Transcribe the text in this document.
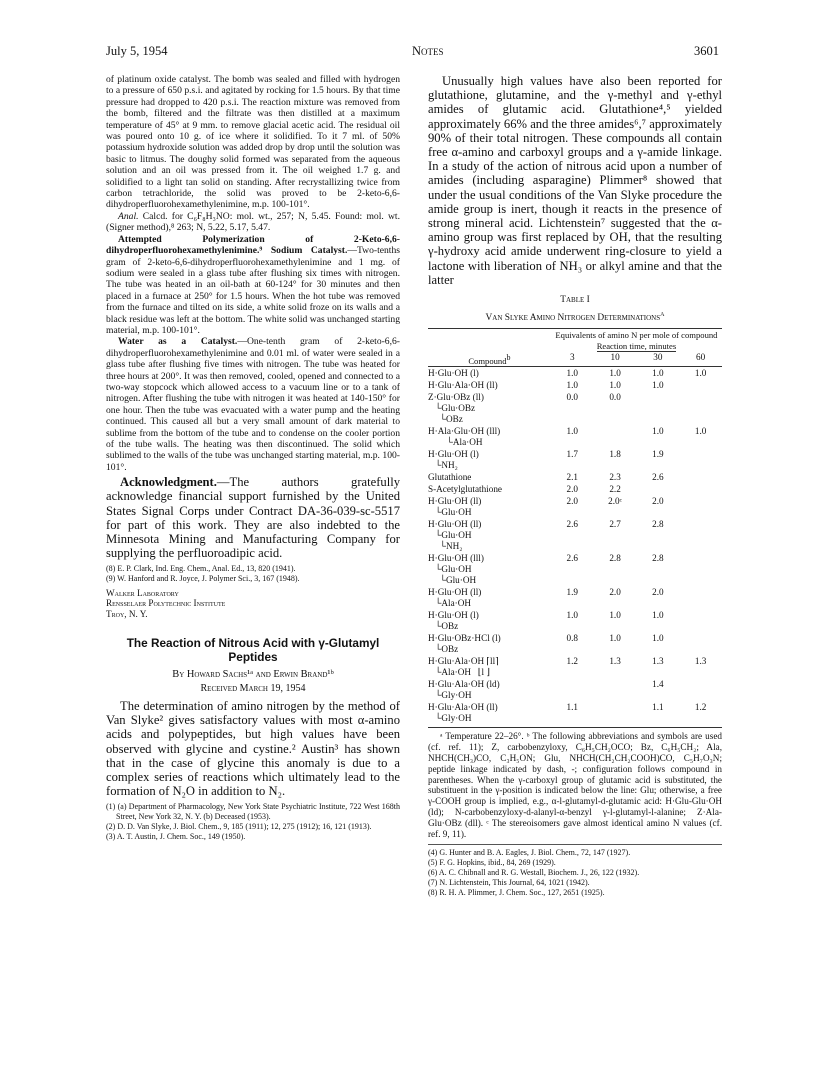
July 5, 1954	Notes	3601

of platinum oxide catalyst. The bomb was sealed and filled with hydrogen to a pressure of 650 p.s.i. and agitated by rocking for 1.5 hours. By that time pressure had dropped to 420 p.s.i. The reaction mixture was removed from the bomb, filtered and the filtrate was then distilled at a maximum temperature of 45° at 9 mm. to remove glacial acetic acid. The residual oil was poured onto 10 g. of ice where it solidified. To it 7 ml. of 50% potassium hydroxide solution was added drop by drop until the solution was basic to litmus. The doughy solid formed was separated from the aqueous solution and an oil was pressed from it. The oil weighed 1.7 g. and solidified to a light tan solid on standing. After recrystallizing twice from carbon tetrachloride, the solid was proved to be 2-keto-6,6-dihydroperfluorohexamethylenimine, m.p. 100-101°.

Anal. Calcd. for C₆F₈H₃NO: mol. wt., 257; N, 5.45. Found: mol. wt. (Signer method),⁸ 263; N, 5.22, 5.17, 5.47.

Attempted Polymerization of 2-Keto-6,6-dihydroperfluorohexamethylenimine.⁹ Sodium Catalyst.—Two-tenths gram of 2-keto-6,6-dihydroperfluorohexamethylenimine and 1 mg. of sodium were sealed in a glass tube after flushing six times with nitrogen. The tube was heated in an oil-bath at 60-124° for 30 minutes and then placed in a furnace at 250° for 1.5 hours. When the hot tube was removed from the furnace and tilted on its side, a white solid froze on its walls and a black residue was left at the bottom. The white solid was unchanged starting material, m.p. 100-101°.

Water as a Catalyst.—One-tenth gram of 2-keto-6,6-dihydroperfluorohexamethylenimine and 0.01 ml. of water were sealed in a glass tube after flushing five times with nitrogen. The tube was heated for three hours at 200°. It was then removed, cooled, opened and connected to a two-way stopcock which allowed access to a vacuum line or to a tank of nitrogen. After flushing the tube with nitrogen it was heated at 140-150° for one hour. Then the tube was evacuated with a water pump and the heating continued. This caused all but a very small amount of dark material to sublime from the bottom of the tube and to condense on the cooler portion of the tube walls. The heating was then discontinued. The solid which sublimed to the walls of the tube was unchanged starting material, m.p. 100-101°.

Acknowledgment.—The authors gratefully acknowledge financial support furnished by the United States Signal Corps under Contract DA-36-039-sc-5517 for part of this work. They are also indebted to the Minnesota Mining and Manufacturing Company for supplying the perfluoroadipic acid.

(8) E. P. Clark, Ind. Eng. Chem., Anal. Ed., 13, 820 (1941).

(9) W. Hanford and R. Joyce, J. Polymer Sci., 3, 167 (1948).

Walker Laboratory
Rensselaer Polytechnic Institute
Troy, N. Y.
The Reaction of Nitrous Acid with γ-Glutamyl Peptides
By Howard Sachs¹ᵃ and Erwin Brand¹ᵇ
Received March 19, 1954

The determination of amino nitrogen by the method of Van Slyke² gives satisfactory values with most α-amino acids and polypeptides, but high values have been observed with glycine and cystine.² Austin³ has shown that in the case of glycine this anomaly is due to a complex series of reactions which ultimately lead to the formation of N₂O in addition to N₂.

(1) (a) Department of Pharmacology, New York State Psychiatric Institute, 722 West 168th Street, New York 32, N. Y. (b) Deceased (1953).

(2) D. D. Van Slyke, J. Biol. Chem., 9, 185 (1911); 12, 275 (1912); 16, 121 (1913).

(3) A. T. Austin, J. Chem. Soc., 149 (1950).

Unusually high values have also been reported for glutathione, glutamine, and the γ-methyl and γ-ethyl amides of glutamic acid. Glutathione⁴,⁵ yielded approximately 66% and the three amides⁶,⁷ approximately 90% of their total nitrogen. These compounds all contain free α-amino and carboxyl groups and a γ-amide linkage. In a study of the action of nitrous acid upon a number of amides (including asparagine) Plimmer⁸ showed that under the usual conditions of the Van Slyke procedure the amide group is inert, though it reacts in the presence of strong mineral acid. Lichtenstein⁷ suggested that the α-amino group was first replaced by OH, that the resulting γ-hydroxy acid amide underwent ring-closure to yield a lactone with liberation of NH₃ or alkyl amine and that the latter

Table I
Van Slyke Amino Nitrogen Determinations$^a$
	Equivalents of amino N per mole of compound			
	Reaction time, minutes			
Compound$^b$	3	10	30	60
H·Glu·OH (l)	1.0	1.0	1.0	1.0
H·Glu·Ala·OH (ll)	1.0	1.0	1.0	
Z·Glu·OBz (ll)
└Glu·OBz
└OBz	0.0	0.0		
H·Ala·Glu·OH (lll)
└Ala·OH	1.0		1.0	1.0
H·Glu·OH (l)
└NH₂	1.7	1.8	1.9	
Glutathione	2.1	2.3	2.6	
S-Acetylglutathione	2.0	2.2		
H·Glu·OH (ll)
└Glu·OH	2.0	2.0ᶜ	2.0	
H·Glu·OH (ll)
└Glu·OH
└NH₂	2.6	2.7	2.8	
H·Glu·OH (lll)
└Glu·OH
└Glu·OH	2.6	2.8	2.8	
H·Glu·OH (ll)
└Ala·OH	1.9	2.0	2.0	
H·Glu·OH (l)
└OBz	1.0	1.0	1.0	
H·Glu·OBz·HCl (l)
└OBz	0.8	1.0	1.0	
H·Glu·Ala·OH ⌈ll⌉
└Ala·OH   ⌊l ⌋	1.2	1.3	1.3	1.3
H·Glu·Ala·OH (ld)
└Gly·OH			1.4	
H·Glu·Ala·OH (ll)
└Gly·OH	1.1		1.1	1.2

ᵃ Temperature 22–26°. ᵇ The following abbreviations and symbols are used (cf. ref. 11); Z, carbobenzyloxy, C₆H₅CH₂OCO; Bz, C₆H₅CH₂; Ala, NHCH(CH₃)CO, C₃H₅ON; Glu, NHCH(CH₂CH₂COOH)CO, C₅H₇O₃N; peptide linkage indicated by dash, -; configuration follows compound in parentheses. When the γ-carboxyl group of glutamic acid is substituted, the substituent in the γ-position is indicated below the line: Glu; otherwise, a free γ-COOH group is implied, e.g., α-l-glutamyl-d-glutamic acid: H·Glu-Glu·OH (ld); N-carbobenzyloxy-d-alanyl-α-benzyl γ-l-glutamyl-l-alanine; Z·Ala-Glu·OBz (dll). ᶜ The stereoisomers gave almost identical amino N values (cf. ref. 9, 11).

(4) G. Hunter and B. A. Eagles, J. Biol. Chem., 72, 147 (1927).

(5) F. G. Hopkins, ibid., 84, 269 (1929).

(6) A. C. Chibnall and R. G. Westall, Biochem. J., 26, 122 (1932).

(7) N. Lichtenstein, This Journal, 64, 1021 (1942).

(8) R. H. A. Plimmer, J. Chem. Soc., 127, 2651 (1925).
